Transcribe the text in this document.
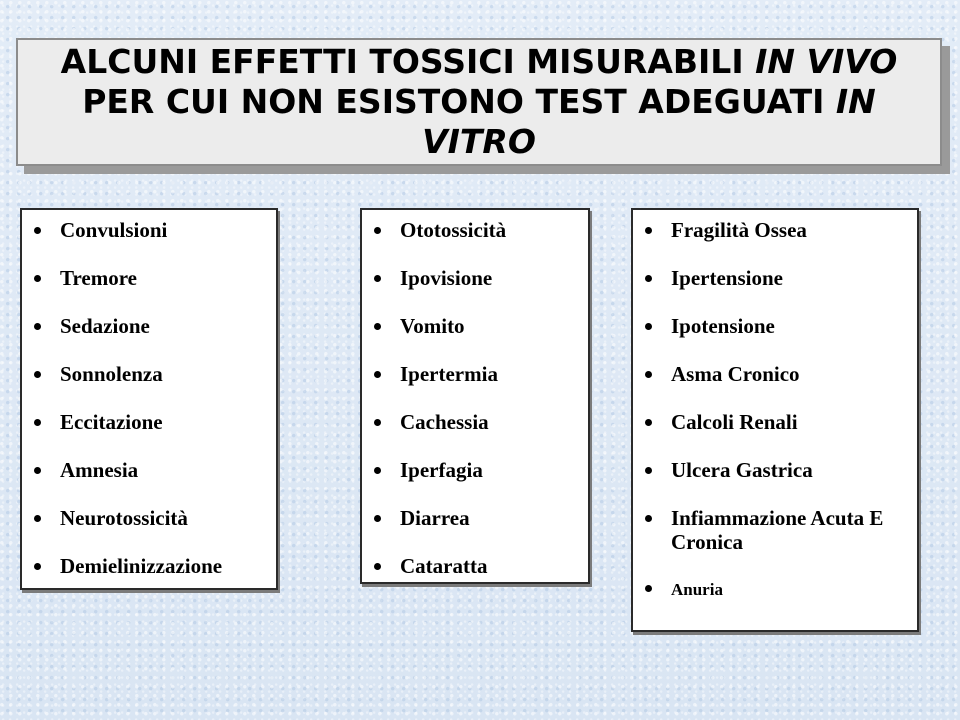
ALCUNI EFFETTI TOSSICI MISURABILI IN VIVO PER CUI NON ESISTONO TEST ADEGUATI IN VITRO

Convulsioni
Tremore
Sedazione
Sonnolenza
Eccitazione
Amnesia
Neurotossicità
Demielinizzazione
Ototossicità
Ipovisione
Vomito
Ipertermia
Cachessia
Iperfagia
Diarrea
Cataratta
Fragilità Ossea
Ipertensione
Ipotensione
Asma Cronico
Calcoli Renali
Ulcera Gastrica
Infiammazione Acuta E Cronica
Anuria
